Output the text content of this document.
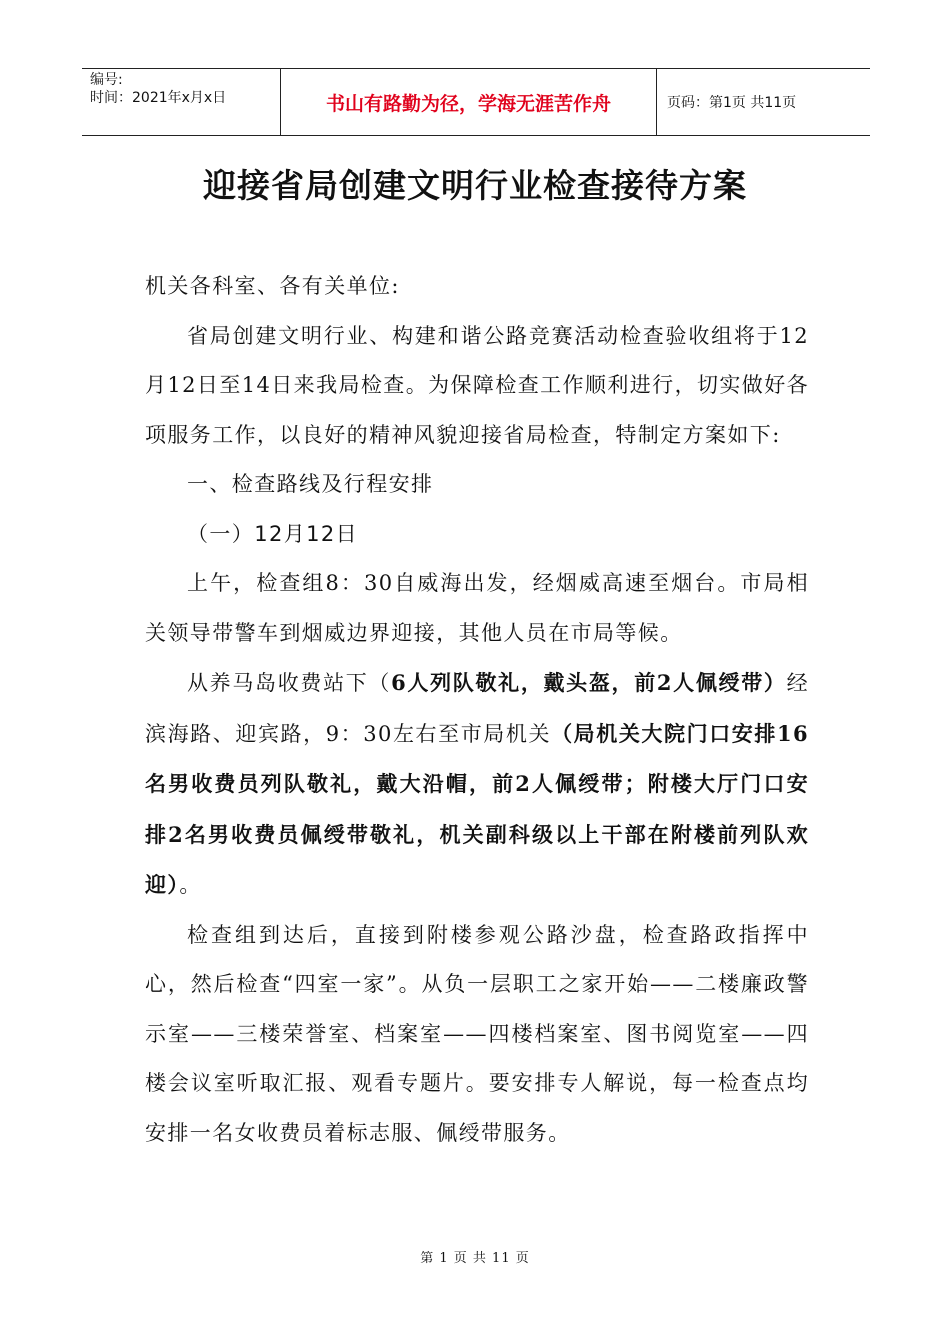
编号:
时间：2021年x月x日	书山有路勤为径，学海无涯苦作舟	页码：第1页 共11页
迎接省局创建文明行业检查接待方案

机关各科室、各有关单位:

省局创建文明行业、构建和谐公路竞赛活动检查验收组将于12月12日至14日来我局检查。为保障检查工作顺利进行，切实做好各项服务工作，以良好的精神风貌迎接省局检查，特制定方案如下:

一、检查路线及行程安排

（一）12月12日

上午，检查组8：30自威海出发，经烟威高速至烟台。市局相关领导带警车到烟威边界迎接，其他人员在市局等候。

从养马岛收费站下（6人列队敬礼，戴头盔，前2人佩绶带）经滨海路、迎宾路，9：30左右至市局机关（局机关大院门口安排16名男收费员列队敬礼，戴大沿帽，前2人佩绶带；附楼大厅门口安排2名男收费员佩绶带敬礼，机关副科级以上干部在附楼前列队欢迎）。

检查组到达后，直接到附楼参观公路沙盘，检查路政指挥中心，然后检查“四室一家”。从负一层职工之家开始——二楼廉政警示室——三楼荣誉室、档案室——四楼档案室、图书阅览室——四楼会议室听取汇报、观看专题片。要安排专人解说，每一检查点均安排一名女收费员着标志服、佩绶带服务。

第 1 页 共 11 页
